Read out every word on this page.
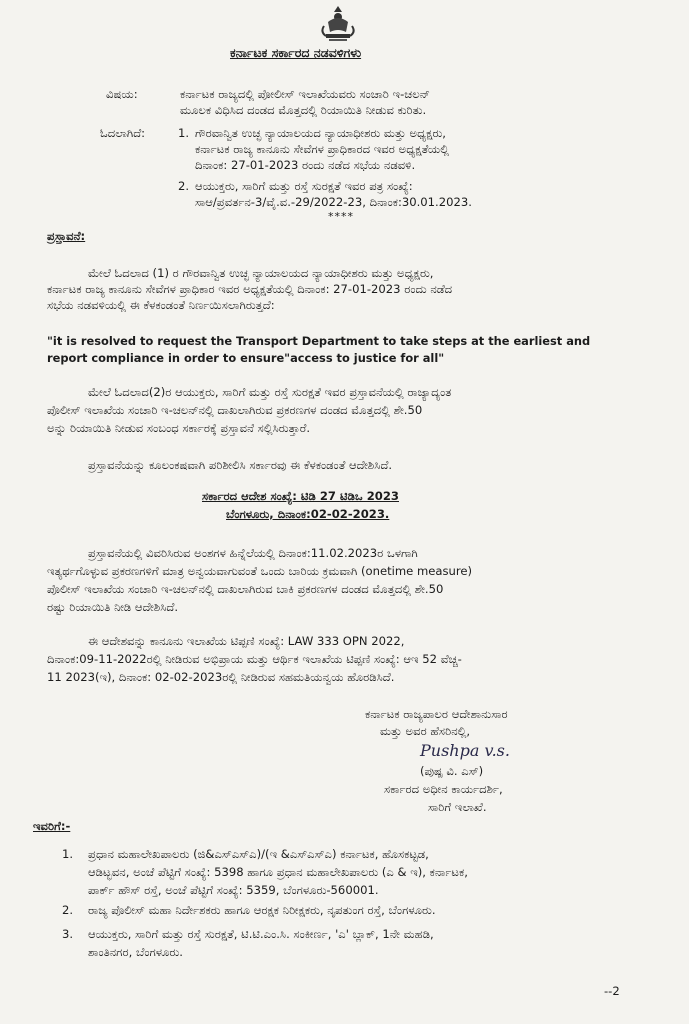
ಕರ್ನಾಟಕ ಸರ್ಕಾರದ ನಡವಳಿಗಳು
ವಿಷಯ:	ಕರ್ನಾಟಕ ರಾಜ್ಯದಲ್ಲಿ ಪೋಲೀಸ್ ಇಲಾಖೆಯವರು ಸಂಚಾರಿ ಇ-ಚಲನ್
ಮೂಲಕ ವಿಧಿಸಿದ ದಂಡದ ಮೊತ್ತದಲ್ಲಿ ರಿಯಾಯಿತಿ ನೀಡುವ ಕುರಿತು.
ಓದಲಾಗಿದೆ:	1. ಗೌರವಾನ್ವಿತ ಉಚ್ಛ ನ್ಯಾಯಾಲಯದ ನ್ಯಾಯಾಧೀಶರು ಮತ್ತು ಅಧ್ಯಕ್ಷರು,
ಕರ್ನಾಟಕ ರಾಜ್ಯ ಕಾನೂನು ಸೇವೆಗಳ ಪ್ರಾಧಿಕಾರದ ಇವರ ಅಧ್ಯಕ್ಷತೆಯಲ್ಲಿ
ದಿನಾಂಕ: 27-01-2023 ರಂದು ನಡೆದ ಸಭೆಯ ನಡವಳಿ.
2. ಆಯುಕ್ತರು, ಸಾರಿಗೆ ಮತ್ತು ರಸ್ತೆ ಸುರಕ್ಷತೆ ಇವರ ಪತ್ರ ಸಂಖ್ಯೆ:
ಸಾಆ/ಪ್ರವರ್ತನ-3/ವೈ.ವ.-29/2022-23, ದಿನಾಂಕ:30.01.2023.
****
ಪ್ರಸ್ತಾವನೆ:
ಮೇಲೆ ಓದಲಾದ (1) ರ ಗೌರವಾನ್ವಿತ ಉಚ್ಛ ನ್ಯಾಯಾಲಯದ ನ್ಯಾಯಾಧೀಶರು ಮತ್ತು ಅಧ್ಯಕ್ಷರು,
ಕರ್ನಾಟಕ ರಾಜ್ಯ ಕಾನೂನು ಸೇವೆಗಳ ಪ್ರಾಧಿಕಾರ ಇವರ ಅಧ್ಯಕ್ಷತೆಯಲ್ಲಿ ದಿನಾಂಕ: 27-01-2023 ರಂದು ನಡೆದ
ಸಭೆಯ ನಡವಳಿಯಲ್ಲಿ ಈ ಕೆಳಕಂಡಂತೆ ನಿರ್ಣಯಿಸಲಾಗಿರುತ್ತದೆ:
"it is resolved to request the Transport Department to take steps at the earliest and
report compliance in order to ensure"access to justice for all"
ಮೇಲೆ ಓದಲಾದ(2)ರ ಆಯುಕ್ತರು, ಸಾರಿಗೆ ಮತ್ತು ರಸ್ತೆ ಸುರಕ್ಷತೆ ಇವರ ಪ್ರಸ್ತಾವನೆಯಲ್ಲಿ ರಾಜ್ಯಾದ್ಯಂತ
ಪೊಲೀಸ್ ಇಲಾಖೆಯ ಸಂಚಾರಿ ಇ-ಚಲನ್‌ನಲ್ಲಿ ದಾಖಲಾಗಿರುವ ಪ್ರಕರಣಗಳ ದಂಡದ ಮೊತ್ತದಲ್ಲಿ ಶೇ.50
ಅನ್ನು ರಿಯಾಯಿತಿ ನೀಡುವ ಸಂಬಂಧ ಸರ್ಕಾರಕ್ಕೆ ಪ್ರಸ್ತಾವನೆ ಸಲ್ಲಿಸಿರುತ್ತಾರೆ.
ಪ್ರಸ್ತಾವನೆಯನ್ನು ಕೂಲಂಕಷವಾಗಿ ಪರಿಶೀಲಿಸಿ ಸರ್ಕಾರವು ಈ ಕೆಳಕಂಡಂತೆ ಆದೇಶಿಸಿದೆ.
ಸರ್ಕಾರದ ಆದೇಶ ಸಂಖ್ಯೆ: ಟಿಡಿ 27 ಟಿಡಿಒ 2023
ಬೆಂಗಳೂರು, ದಿನಾಂಕ:02-02-2023.
ಪ್ರಸ್ತಾವನೆಯಲ್ಲಿ ವಿವರಿಸಿರುವ ಅಂಶಗಳ ಹಿನ್ನೆಲೆಯಲ್ಲಿ ದಿನಾಂಕ:11.02.2023ರ ಒಳಗಾಗಿ
ಇತ್ಯರ್ಥಗೊಳ್ಳುವ ಪ್ರಕರಣಗಳಿಗೆ ಮಾತ್ರ ಅನ್ವಯವಾಗುವಂತೆ ಒಂದು ಬಾರಿಯ ಕ್ರಮವಾಗಿ (onetime measure)
ಪೊಲೀಸ್ ಇಲಾಖೆಯ ಸಂಚಾರಿ ಇ-ಚಲನ್‌ನಲ್ಲಿ ದಾಖಲಾಗಿರುವ ಬಾಕಿ ಪ್ರಕರಣಗಳ ದಂಡದ ಮೊತ್ತದಲ್ಲಿ ಶೇ.50
ರಷ್ಟು ರಿಯಾಯಿತಿ ನೀಡಿ ಆದೇಶಿಸಿದೆ.
ಈ ಆದೇಶವನ್ನು ಕಾನೂನು ಇಲಾಖೆಯ ಟಿಪ್ಪಣಿ ಸಂಖ್ಯೆ: LAW 333 OPN 2022,
ದಿನಾಂಕ:09-11-2022ರಲ್ಲಿ ನೀಡಿರುವ ಅಭಿಪ್ರಾಯ ಮತ್ತು ಆರ್ಥಿಕ ಇಲಾಖೆಯ ಟಿಪ್ಪಣಿ ಸಂಖ್ಯೆ: ಆಇ 52 ವೆಚ್ಚ-
11 2023(ಇ), ದಿನಾಂಕ: 02-02-2023ರಲ್ಲಿ ನೀಡಿರುವ ಸಹಮತಿಯನ್ವಯ ಹೊರಡಿಸಿದೆ.
ಕರ್ನಾಟಕ ರಾಜ್ಯಪಾಲರ ಆದೇಶಾನುಸಾರ
ಮತ್ತು ಅವರ ಹೆಸರಿನಲ್ಲಿ,
Pushpa v.s.
(ಪುಷ್ಪ ವಿ. ಎಸ್)
ಸರ್ಕಾರದ ಅಧೀನ ಕಾರ್ಯದರ್ಶಿ,
ಸಾರಿಗೆ ಇಲಾಖೆ.
ಇವರಿಗೆ:-
1. ಪ್ರಧಾನ ಮಹಾಲೇಖಪಾಲರು (ಜಿ&ಎಸ್‌ಎಸ್‌ಎ)/(ಇ &ಎಸ್‌ಎಸ್‌ಎ) ಕರ್ನಾಟಕ, ಹೊಸಕಟ್ಟಡ,
ಆಡಿಟ್ಭವನ, ಅಂಚೆ ಪೆಟ್ಟಿಗೆ ಸಂಖ್ಯೆ: 5398 ಹಾಗೂ ಪ್ರಧಾನ ಮಹಾಲೇಖಪಾಲರು (ಎ & ಇ), ಕರ್ನಾಟಕ,
ಪಾರ್ಕ್ ಹೌಸ್ ರಸ್ತೆ, ಅಂಚೆ ಪೆಟ್ಟಿಗೆ ಸಂಖ್ಯೆ: 5359, ಬೆಂಗಳೂರು-560001.
2. ರಾಜ್ಯ ಪೊಲೀಸ್ ಮಹಾ ನಿರ್ದೇಶಕರು ಹಾಗೂ ಆರಕ್ಷಕ ನಿರೀಕ್ಷಕರು, ನೃಪತುಂಗ ರಸ್ತೆ, ಬೆಂಗಳೂರು.
3. ಆಯುಕ್ತರು, ಸಾರಿಗೆ ಮತ್ತು ರಸ್ತೆ ಸುರಕ್ಷತೆ, ಟಿ.ಟಿ.ಎಂ.ಸಿ. ಸಂಕೀರ್ಣ, 'ಎ' ಬ್ಲಾಕ್, 1ನೇ ಮಹಡಿ,
ಶಾಂತಿನಗರ, ಬೆಂಗಳೂರು.
--2
